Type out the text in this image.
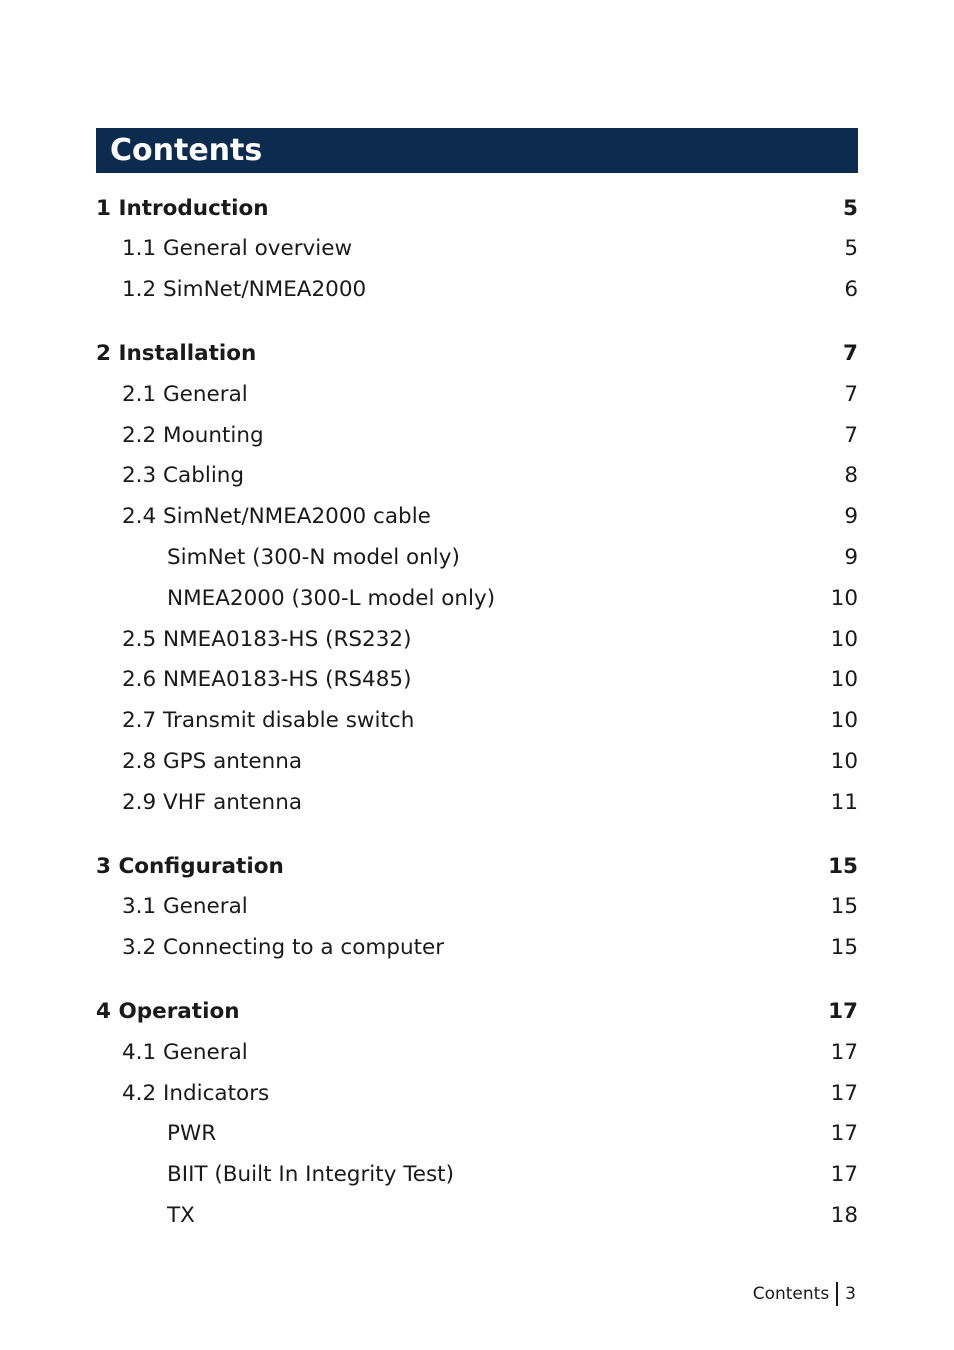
Contents
1 Introduction	5
1.1 General overview	5
1.2 SimNet/NMEA2000	6
2 Installation	7
2.1 General	7
2.2 Mounting	7
2.3 Cabling	8
2.4 SimNet/NMEA2000 cable	9
SimNet (300-N model only)	9
NMEA2000 (300-L model only)	10
2.5 NMEA0183-HS (RS232)	10
2.6 NMEA0183-HS (RS485)	10
2.7 Transmit disable switch	10
2.8 GPS antenna	10
2.9 VHF antenna	11
3 Configuration	15
3.1 General	15
3.2 Connecting to a computer	15
4 Operation	17
4.1 General	17
4.2 Indicators	17
PWR	17
BIIT (Built In Integrity Test)	17
TX	18
Contents 3
